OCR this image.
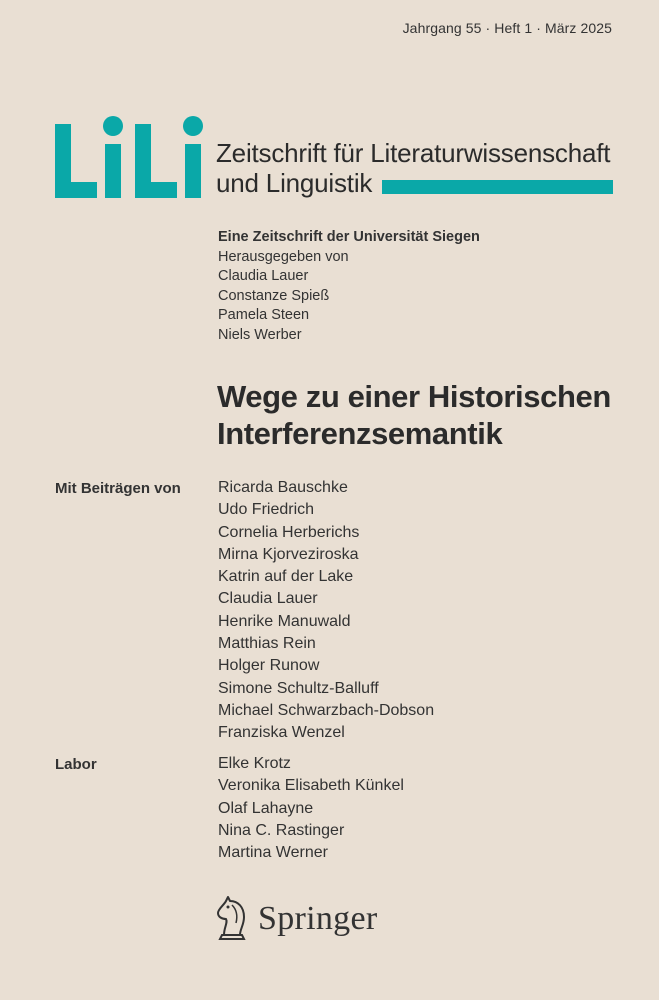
Jahrgang 55 · Heft 1 · März 2025
Zeitschrift für Literaturwissenschaft
und Linguistik
Eine Zeitschrift der Universität Siegen
Herausgegeben von
Claudia Lauer
Constanze Spieß
Pamela Steen
Niels Werber
Wege zu einer Historischen
Interferenzsemantik
Mit Beiträgen von Ricarda Bauschke
Udo Friedrich
Cornelia Herberichs
Mirna Kjorveziroska
Katrin auf der Lake
Claudia Lauer
Henrike Manuwald
Matthias Rein
Holger Runow
Simone Schultz-Balluff
Michael Schwarzbach-Dobson
Franziska Wenzel
Labor	Elke Krotz
Veronika Elisabeth Künkel
Olaf Lahayne
Nina C. Rastinger
Martina Werner
Springer
